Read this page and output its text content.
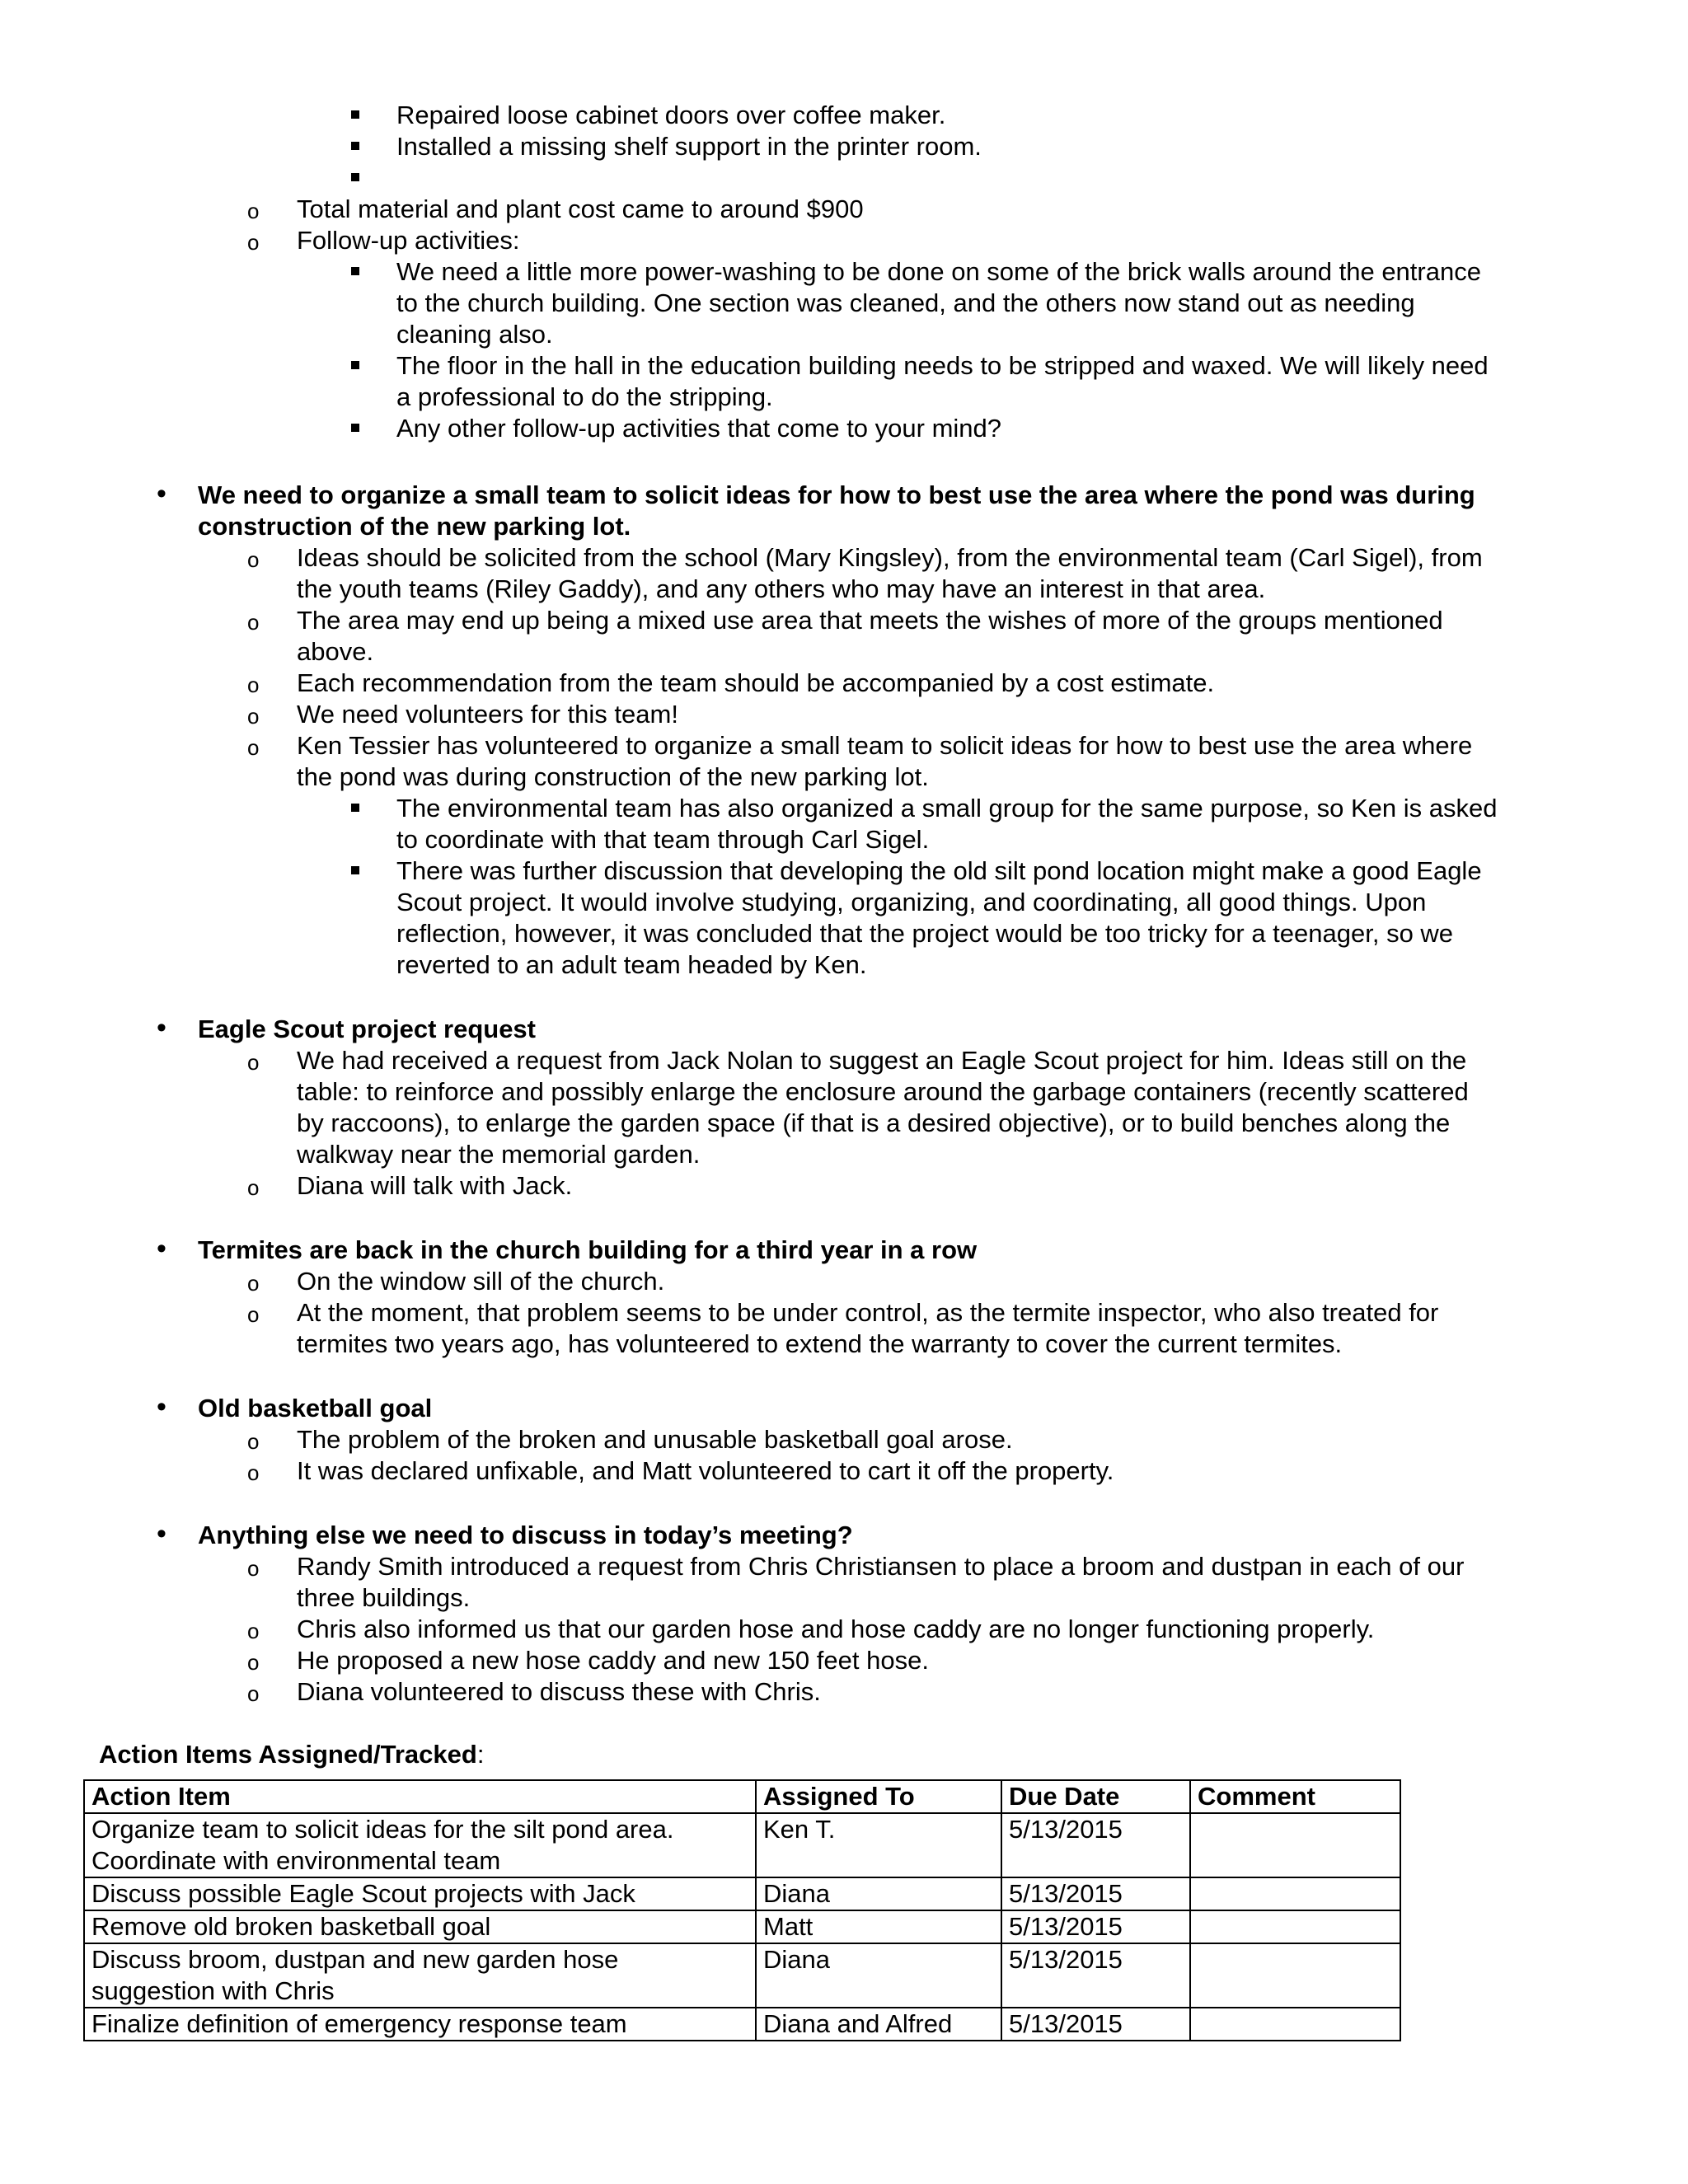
Repaired loose cabinet doors over coffee maker.
Installed a missing shelf support in the printer room.
o Total material and plant cost came to around $900
o Follow-up activities:
We need a little more power-washing to be done on some of the brick walls around the entrance
to the church building. One section was cleaned, and the others now stand out as needing
cleaning also.
The floor in the hall in the education building needs to be stripped and waxed. We will likely need
a professional to do the stripping.
Any other follow-up activities that come to your mind?
• We need to organize a small team to solicit ideas for how to best use the area where the pond was during
construction of the new parking lot.
o Ideas should be solicited from the school (Mary Kingsley), from the environmental team (Carl Sigel), from
the youth teams (Riley Gaddy), and any others who may have an interest in that area.
o The area may end up being a mixed use area that meets the wishes of more of the groups mentioned
above.
o Each recommendation from the team should be accompanied by a cost estimate.
o We need volunteers for this team!
o Ken Tessier has volunteered to organize a small team to solicit ideas for how to best use the area where
the pond was during construction of the new parking lot.
The environmental team has also organized a small group for the same purpose, so Ken is asked
to coordinate with that team through Carl Sigel.
There was further discussion that developing the old silt pond location might make a good Eagle
Scout project. It would involve studying, organizing, and coordinating, all good things. Upon
reflection, however, it was concluded that the project would be too tricky for a teenager, so we
reverted to an adult team headed by Ken.
• Eagle Scout project request
o We had received a request from Jack Nolan to suggest an Eagle Scout project for him. Ideas still on the
table: to reinforce and possibly enlarge the enclosure around the garbage containers (recently scattered
by raccoons), to enlarge the garden space (if that is a desired objective), or to build benches along the
walkway near the memorial garden.
o Diana will talk with Jack.
• Termites are back in the church building for a third year in a row
o On the window sill of the church.
o At the moment, that problem seems to be under control, as the termite inspector, who also treated for
termites two years ago, has volunteered to extend the warranty to cover the current termites.
• Old basketball goal
o The problem of the broken and unusable basketball goal arose.
o It was declared unfixable, and Matt volunteered to cart it off the property.
• Anything else we need to discuss in today’s meeting?
o Randy Smith introduced a request from Chris Christiansen to place a broom and dustpan in each of our
three buildings.
o Chris also informed us that our garden hose and hose caddy are no longer functioning properly.
o He proposed a new hose caddy and new 150 feet hose.
o Diana volunteered to discuss these with Chris.
Action Items Assigned/Tracked:
Action Item	Assigned To	Due Date	Comment
Organize team to solicit ideas for the silt pond area.
Coordinate with environmental team	Ken T.	5/13/2015	
Discuss possible Eagle Scout projects with Jack	Diana	5/13/2015	
Remove old broken basketball goal	Matt	5/13/2015	
Discuss broom, dustpan and new garden hose
suggestion with Chris	Diana	5/13/2015	
Finalize definition of emergency response team	Diana and Alfred	5/13/2015	
